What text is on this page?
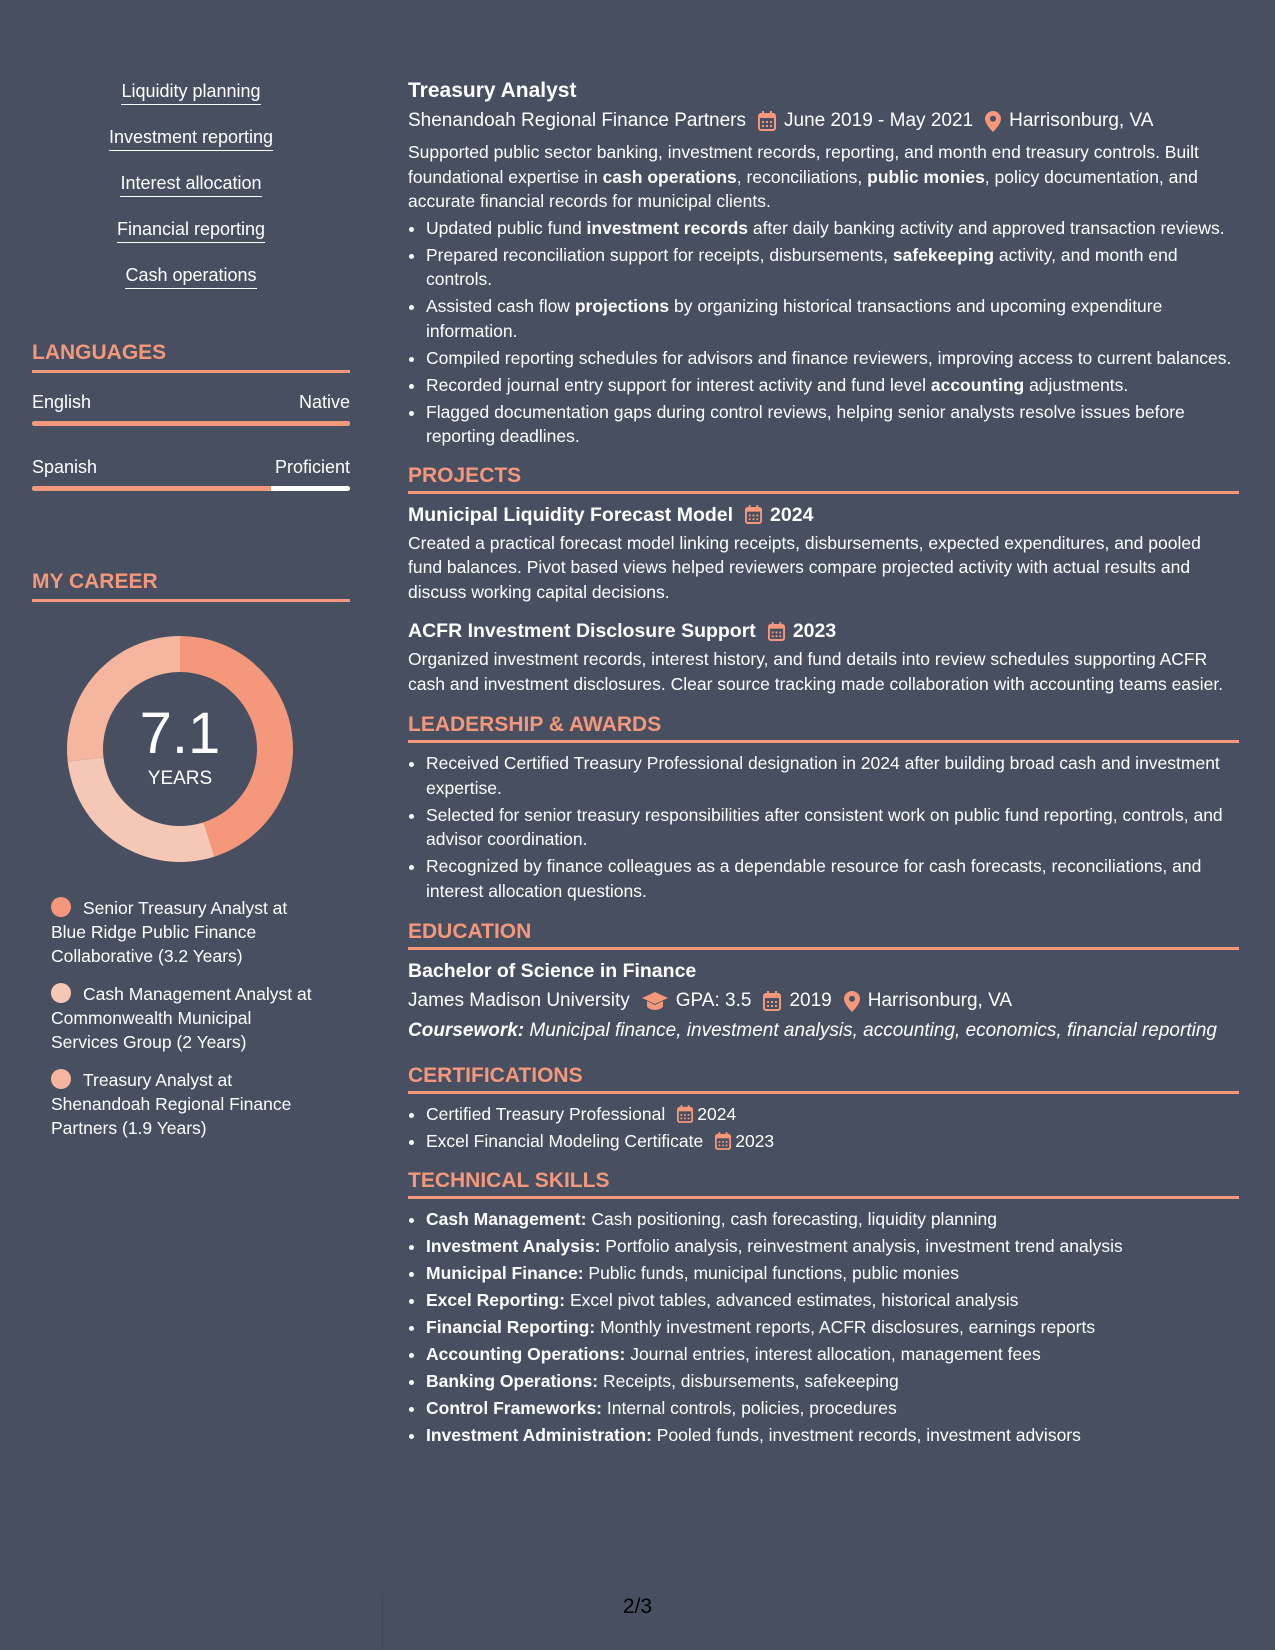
Liquidity planning
Investment reporting
Interest allocation
Financial reporting
Cash operations
LANGUAGES
English	Native
Spanish	Proficient
MY CAREER
7.1
YEARS
Senior Treasury Analyst at Blue Ridge Public Finance Collaborative (3.2 Years)
Cash Management Analyst at Commonwealth Municipal Services Group (2 Years)
Treasury Analyst at Shenandoah Regional Finance Partners (1.9 Years)
Treasury Analyst
Shenandoah Regional Finance Partners June 2019 - May 2021 Harrisonburg, VA
Supported public sector banking, investment records, reporting, and month end treasury controls. Built foundational expertise in cash operations, reconciliations, public monies, policy documentation, and accurate financial records for municipal clients.
• Updated public fund investment records after daily banking activity and approved transaction reviews.
• Prepared reconciliation support for receipts, disbursements, safekeeping activity, and month end controls.
• Assisted cash flow projections by organizing historical transactions and upcoming expenditure information.
• Compiled reporting schedules for advisors and finance reviewers, improving access to current balances.
• Recorded journal entry support for interest activity and fund level accounting adjustments.
• Flagged documentation gaps during control reviews, helping senior analysts resolve issues before reporting deadlines.
PROJECTS
Municipal Liquidity Forecast Model 2024
Created a practical forecast model linking receipts, disbursements, expected expenditures, and pooled fund balances. Pivot based views helped reviewers compare projected activity with actual results and discuss working capital decisions.
ACFR Investment Disclosure Support 2023
Organized investment records, interest history, and fund details into review schedules supporting ACFR cash and investment disclosures. Clear source tracking made collaboration with accounting teams easier.
LEADERSHIP & AWARDS
• Received Certified Treasury Professional designation in 2024 after building broad cash and investment expertise.
• Selected for senior treasury responsibilities after consistent work on public fund reporting, controls, and advisor coordination.
• Recognized by finance colleagues as a dependable resource for cash forecasts, reconciliations, and interest allocation questions.
EDUCATION
Bachelor of Science in Finance
James Madison University GPA: 3.5 2019 Harrisonburg, VA
Coursework: Municipal finance, investment analysis, accounting, economics, financial reporting
CERTIFICATIONS
• Certified Treasury Professional 2024
• Excel Financial Modeling Certificate 2023
TECHNICAL SKILLS
• Cash Management: Cash positioning, cash forecasting, liquidity planning
• Investment Analysis: Portfolio analysis, reinvestment analysis, investment trend analysis
• Municipal Finance: Public funds, municipal functions, public monies
• Excel Reporting: Excel pivot tables, advanced estimates, historical analysis
• Financial Reporting: Monthly investment reports, ACFR disclosures, earnings reports
• Accounting Operations: Journal entries, interest allocation, management fees
• Banking Operations: Receipts, disbursements, safekeeping
• Control Frameworks: Internal controls, policies, procedures
• Investment Administration: Pooled funds, investment records, investment advisors
2/3
